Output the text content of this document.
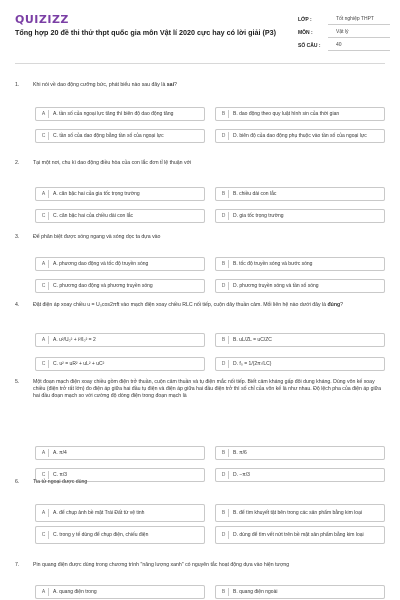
QUIZIZZ
Tổng hợp 20 đề thi thử thpt quốc gia môn Vật lí 2020 cực hay có lời giải (P3)
LỚP :	Tốt nghiệp THPT
MÔN :	Vật lý
SỐ CÂU :	40
1.	Khi nói về dao động cưỡng bức, phát biểu nào sau đây là sai?
A	A. tần số của ngoại lực tăng thì biên độ dao động tăng	B	B. dao động theo quy luật hình sin của thời gian
C	C. tần số của dao động bằng tần số của ngoại lực	D	D. biên độ của dao động phụ thuộc vào tần số của ngoại lực
2.	Tại một nơi, chu kì dao động điều hòa của con lắc đơn tỉ lệ thuận với
A	A. căn bậc hai của gia tốc trọng trường	B	B. chiều dài con lắc
C	C. căn bậc hai của chiều dài con lắc	D	D. gia tốc trọng trường
3.	Để phân biệt được sóng ngang và sóng dọc ta dựa vào
A	A. phương dao động và tốc độ truyền sóng	B	B. tốc độ truyền sóng và bước sóng
C	C. phương dao động và phương truyền sóng	D	D. phương truyền sóng và tần số sóng
4.	Đặt điện áp xoay chiều u = U₀cos2πft vào mạch điện xoay chiều RLC nối tiếp, cuộn dây thuần cảm. Mối liên hệ nào dưới đây là đúng?
A	A. u²/U₀² + i²/I₀² = 2	B	B. uL/ZL = uC/ZC
C	C. u² = uR² + uL² + uC²	D	D. f₀ = 1/(2π√LC)
5.	Một đoạn mạch điện xoay chiều gồm điện trở thuần, cuộn cảm thuần và tụ điện mắc nối tiếp. Biết cảm kháng gấp đôi dung kháng. Dùng vôn kế xoay chiều (điện trở rất lớn) đo điện áp giữa hai đầu tụ điện và điện áp giữa hai đầu điện trở thì số chỉ của vôn kế là như nhau. Độ lệch pha của điện áp giữa hai đầu đoạn mạch so với cường độ dòng điện trong đoạn mạch là
A	A. π/4	B	B. π/6
C	C. π/3	D	D. −π/3
6.	Tia tử ngoại được dùng
A	A. để chụp ảnh bề mặt Trái Đất từ vệ tinh	B	B. để tìm khuyết tật bên trong các sản phẩm bằng kim loại
C	C. trong y tế dùng để chụp điện, chiếu điện	D	D. dùng để tìm vết nứt trên bề mặt sản phẩm bằng kim loại
7.	Pin quang điện được dùng trong chương trình "năng lượng xanh" có nguyên tắc hoạt động dựa vào hiện tượng
A	A. quang điện trong	B	B. quang điện ngoài
